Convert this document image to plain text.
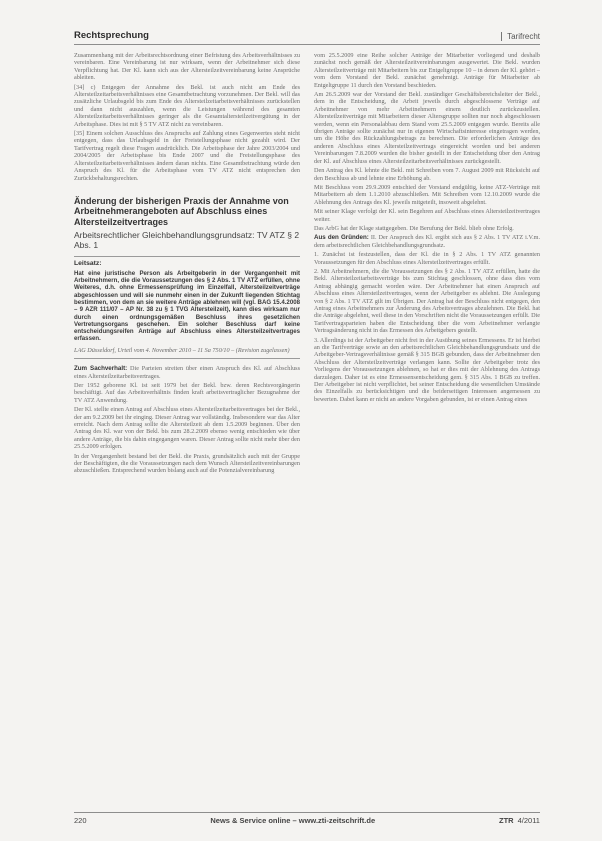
Rechtsprechung	Tarifrecht

Zusammenhang mit der Arbeitsrechtsordnung einer Befristung des Arbeitsverhältnisses zu vereinbaren. Eine Vereinbarung ist nur wirksam, wenn der Arbeitnehmer sich diese Verpflichtung hat. Der Kl. kann sich aus der Altersteilzeitvereinbarung keine Ansprüche ableiten.

[34] c) Entgegen der Annahme des Bekl. ist auch nicht am Ende des Altersteilzeitarbeitsverhältnisses eine Gesamtbetrachtung vorzunehmen. Der Bekl. will das zusätzliche Urlaubsgeld bis zum Ende des Altersteilzeitarbeitsverhältnisses zurückstellen und dann nicht auszahlen, wenn die Leistungen während des gesamten Altersteilzeitarbeitsverhältnisses geringer als die Gesamtaltersteilzeitvergütung in der Arbeitsphase. Dies ist mit § 5 TV ATZ nicht zu vereinbaren.

[35] Einem solchen Ausschluss des Anspruchs auf Zahlung eines Gegenwertes steht nicht entgegen, dass das Urlaubsgeld in der Freistellungsphase nicht gezahlt wird. Der Tarifvertrag regelt diese Fragen ausdrücklich. Die Arbeitsphase der Jahre 2003/2004 und 2004/2005 der Arbeitsphase bis Ende 2007 und die Freistellungsphase des Altersteilzeitarbeitsverhältnisses ändern daran nichts. Eine Gesamtbetrachtung würde den Anspruch des Kl. für die Arbeitsphase vom TV ATZ nicht entsprechen den Zurückbehaltungsrechten.

Änderung der bisherigen Praxis der Annahme von Arbeitnehmerangeboten auf Abschluss eines Altersteilzeitvertrages
Arbeitsrechtlicher Gleichbehandlungsgrundsatz: TV ATZ § 2 Abs. 1
Leitsatz:
Hat eine juristische Person als Arbeitgeberin in der Vergangenheit mit Arbeitnehmern, die die Voraussetzungen des § 2 Abs. 1 TV ATZ erfüllen, ohne Weiteres, d.h. ohne Ermessensprüfung im Einzelfall, Altersteilzeitverträge abgeschlossen und will sie nunmehr einen in der Zukunft liegenden Stichtag bestimmen, von dem an sie weitere Anträge ablehnen will (vgl. BAG 15.4.2008 – 9 AZR 111/07 – AP Nr. 38 zu § 1 TVG Altersteilzeit), kann dies wirksam nur durch einen ordnungsgemäßen Beschluss ihres gesetzlichen Vertretungsorgans geschehen. Ein solcher Beschluss darf keine entscheidungsreifen Anträge auf Abschluss eines Altersteilzeitvertrages erfassen.
LAG Düsseldorf, Urteil vom 4. November 2010 – 11 Sa 750/10 – (Revision zugelassen)

Zum Sachverhalt: Die Parteien streiten über einen Anspruch des Kl. auf Abschluss eines Altersteilzeitarbeitsvertrages.

Der 1952 geborene Kl. ist seit 1979 bei der Bekl. bzw. deren Rechtsvorgängerin beschäftigt. Auf das Arbeitsverhältnis finden kraft arbeitsvertraglicher Bezugnahme der TV ATZ Anwendung.

Der Kl. stellte einen Antrag auf Abschluss eines Altersteilzeitarbeitsvertrages bei der Bekl., der am 9.2.2009 bei ihr einging. Dieser Antrag war vollständig. Insbesondere war das Alter erreicht. Nach dem Antrag sollte die Altersteilzeit ab dem 1.5.2009 beginnen. Über den Antrag des Kl. war von der Bekl. bis zum 28.2.2009 ebenso wenig entschieden wie über andere Anträge, die bis dahin eingegangen waren. Dieser Antrag sollte nicht mehr über den 25.5.2009 erfolgen.

In der Vergangenheit bestand bei der Bekl. die Praxis, grundsätzlich auch mit der Gruppe der Beschäftigten, die die Voraussetzungen nach dem Wunsch Altersteilzeitvereinbarungen abzuschließen. Entsprechend wurden bislang auch auf die Potenzialvereinbarung

vom 25.5.2009 eine Reihe solcher Anträge der Mitarbeiter vorliegend und deshalb zunächst noch gemäß der Altersteilzeitvereinbarungen ausgewertet. Die Bekl. wurden Altersteilzeitverträge mit Mitarbeitern bis zur Entgeltgruppe 10 – in denen der Kl. gehört – vom dem Vorstand der Bekl. zunächst genehmigt. Anträge für Mitarbeiter ab Entgeltgruppe 11 durch den Vorstand beschieden.

Am 26.5.2009 war der Vorstand der Bekl. zuständiger Geschäftsbereichsleiter der Bekl., dem in die Entscheidung, die Arbeit jeweils durch abgeschlossene Verträge auf Arbeitnehmer von mehr Arbeitnehmern einem deutlich zurückzustellen. Altersteilzeitverträge mit Mitarbeitern dieser Altersgruppe sollten nur noch abgeschlossen werden, wenn ein Personalabbau dem Stand vom 25.5.2009 entgegen wurde. Bereits alle übrigen Anträge sollte zunächst nur in eigenen Wirtschaftsinteresse eingetragen werden, um die Höhe des Rückzahlungsbetrags zu berechnen. Die erforderlichen Anträge des anderen Abschluss eines Altersteilzeitvertrags eingereicht worden und bei anderen Vereinbarungen 7.8.2009 wurden die bisher gestellt in der Entscheidung über den Antrag der Kl. auf Abschluss eines Altersteilzeitarbeitsverhältnisses zurückgestellt.

Den Antrag des Kl. lehnte die Bekl. mit Schreiben vom 7. August 2009 mit Rücksicht auf den Beschluss ab und lehnte eine Erhöhung ab.

Mit Beschluss vom 29.9.2009 entschied der Vorstand endgültig, keine ATZ-Verträge mit Mitarbeitern ab dem 1.1.2010 abzuschließen. Mit Schreiben vom 12.10.2009 wurde die Ablehnung des Antrags des Kl. jeweils mitgeteilt, insoweit abgelehnt.

Mit seiner Klage verfolgt der Kl. sein Begehren auf Abschluss eines Altersteilzeitvertrages weiter.

Das ArbG hat der Klage stattgegeben. Die Berufung der Bekl. blieb ohne Erfolg.

Aus den Gründen: II. Der Anspruch des Kl. ergibt sich aus § 2 Abs. 1 TV ATZ i.V.m. dem arbeitsrechtlichen Gleichbehandlungsgrundsatz.

1. Zunächst ist festzustellen, dass der Kl. die in § 2 Abs. 1 TV ATZ genannten Voraussetzungen für den Abschluss eines Altersteilzeitvertrages erfüllt.

2. Mit Arbeitnehmern, die die Voraussetzungen des § 2 Abs. 1 TV ATZ erfüllen, hatte die Bekl. Altersteilzeitarbeitsverträge bis zum Stichtag geschlossen, ohne dass dies vom Antrag abhängig gemacht worden wäre. Der Arbeitnehmer hat einen Anspruch auf Abschluss eines Altersteilzeitvertrages, wenn der Arbeitgeber es ablehnt. Die Auslegung von § 2 Abs. 1 TV ATZ gilt im Übrigen. Der Antrag hat der Beschluss nicht entgegen, den Antrag eines Arbeitnehmers zur Änderung des Arbeitsvertrages abzulehnen. Die Bekl. hat die Anträge abgelehnt, weil diese in den Vorschriften nicht die Voraussetzungen erfüllt. Die Tarifvertragsparteien haben die Entscheidung über die vom Arbeitnehmer verlangte Vertragsänderung nicht in das Ermessen des Arbeitgebers gestellt.

3. Allerdings ist der Arbeitgeber nicht frei in der Ausübung seines Ermessens. Er ist hierbei an die Tarifverträge sowie an den arbeitsrechtlichen Gleichbehandlungsgrundsatz und die Arbeitgeber-Vertragsverhältnisse gemäß § 315 BGB gebunden, dass der Arbeitnehmer den Abschluss der Altersteilzeitverträge verlangen kann. Sollte der Arbeitgeber trotz des Vorliegens der Voraussetzungen ablehnen, so hat er dies mit der Ablehnung des Antrags darzulegen. Daher ist es eine Ermessensentscheidung gem. § 315 Abs. 1 BGB zu treffen. Der Arbeitgeber ist nicht verpflichtet, bei seiner Entscheidung die wesentlichen Umstände des Einzelfalls zu berücksichtigen und die beiderseitigen Interessen angemessen zu bewerten. Dabei kann er nicht an andere Vorgaben gebunden, ist er einen Antrag eines

220	News & Service online – www.zti-zeitschrift.de	ZTR 4/2011
